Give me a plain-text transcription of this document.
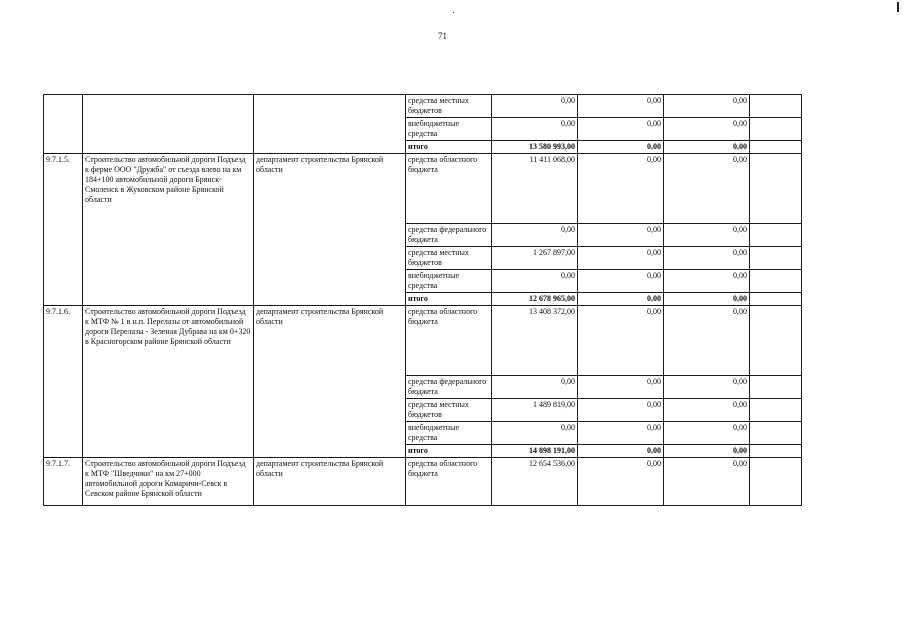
71
			средства местных бюджетов	0,00	0,00	0,00	
			внебюджетные средства	0,00	0,00	0,00	
			итого	13 580 993,00	0,00	0,00	
9.7.1.5.	Строительство автомобильной дороги Подъезд к ферме ООО "Дружба" от съезда влево на км 184+100 автомобильной дороги Брянск-Смоленск в Жуковском районе Брянской области	департамент строительства Брянской области	средства областного бюджета	11 411 068,00	0,00	0,00	
			средства федерального бюджета	0,00	0,00	0,00	
			средства местных бюджетов	1 267 897,00	0,00	0,00	
			внебюджетные средства	0,00	0,00	0,00	
			итого	12 678 965,00	0,00	0,00	
9.7.1.6.	Строительство автомобильной дороги Подъезд к МТФ № 1 в н.п. Перелазы от автомобильной дороги Перелазы - Зеленая Дубрава на км 0+320 в Красногорском районе Брянской области	департамент строительства Брянской области	средства областного бюджета	13 408 372,00	0,00	0,00	
			средства федерального бюджета	0,00	0,00	0,00	
			средства местных бюджетов	1 489 819,00	0,00	0,00	
			внебюджетные средства	0,00	0,00	0,00	
			итого	14 898 191,00	0,00	0,00	
9.7.1.7.	Строительство автомобильной дороги Подъезд к МТФ "Шведчики" на км 27+000 автомобильной дороги Комаричи-Севск в Севском районе Брянской области	департамент строительства Брянской области	средства областного бюджета	12 654 536,00	0,00	0,00	
